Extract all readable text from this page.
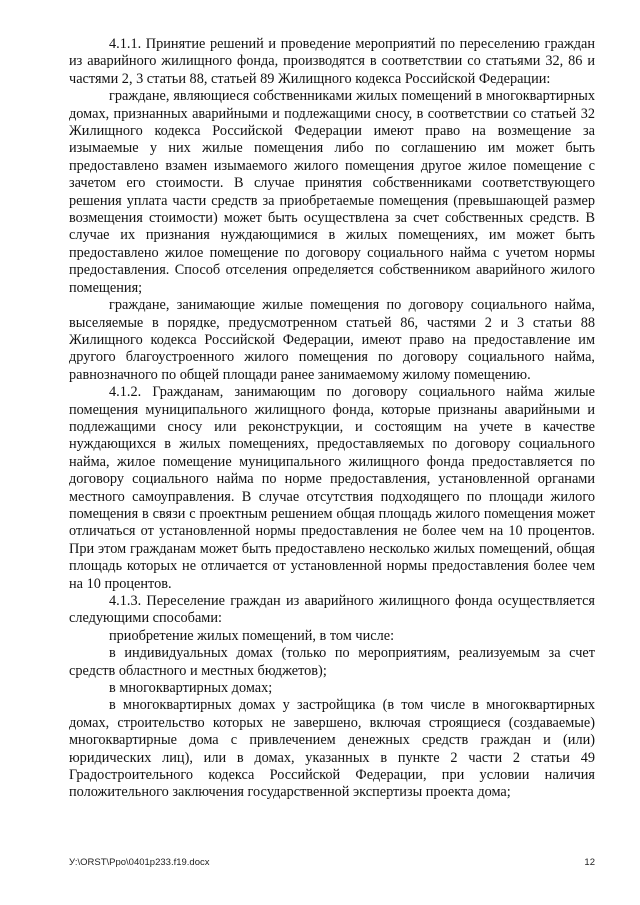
4.1.1. Принятие решений и проведение мероприятий по переселению граждан из аварийного жилищного фонда, производятся в соответствии со статьями 32, 86 и частями 2, 3 статьи 88, статьей 89 Жилищного кодекса Российской Федерации:

граждане, являющиеся собственниками жилых помещений в многоквартирных домах, признанных аварийными и подлежащими сносу, в соответствии со статьей 32 Жилищного кодекса Российской Федерации имеют право на возмещение за изымаемые у них жилые помещения либо по соглашению им может быть предоставлено взамен изымаемого жилого помещения другое жилое помещение с зачетом его стоимости. В случае принятия собственниками соответствующего решения уплата части средств за приобретаемые помещения (превышающей размер возмещения стоимости) может быть осуществлена за счет собственных средств. В случае их признания нуждающимися в жилых помещениях, им может быть предоставлено жилое помещение по договору социального найма с учетом нормы предоставления. Способ отселения определяется собственником аварийного жилого помещения;

граждане, занимающие жилые помещения по договору социального найма, выселяемые в порядке, предусмотренном статьей 86, частями 2 и 3 статьи 88 Жилищного кодекса Российской Федерации, имеют право на предоставление им другого благоустроенного жилого помещения по договору социального найма, равнозначного по общей площади ранее занимаемому жилому помещению.

4.1.2. Гражданам, занимающим по договору социального найма жилые помещения муниципального жилищного фонда, которые признаны аварийными и подлежащими сносу или реконструкции, и состоящим на учете в качестве нуждающихся в жилых помещениях, предоставляемых по договору социального найма, жилое помещение муниципального жилищного фонда предоставляется по договору социального найма по норме предоставления, установленной органами местного самоуправления. В случае отсутствия подходящего по площади жилого помещения в связи с проектным решением общая площадь жилого помещения может отличаться от установленной нормы предоставления не более чем на 10 процентов. При этом гражданам может быть предоставлено несколько жилых помещений, общая площадь которых не отличается от установленной нормы предоставления более чем на 10 процентов.

4.1.3. Переселение граждан из аварийного жилищного фонда осуществляется следующими способами:

приобретение жилых помещений, в том числе:

в индивидуальных домах (только по мероприятиям, реализуемым за счет средств областного и местных бюджетов);

в многоквартирных домах;

в многоквартирных домах у застройщика (в том числе в многоквартирных домах, строительство которых не завершено, включая строящиеся (создаваемые) многоквартирные дома с привлечением денежных средств граждан и (или) юридических лиц), или в домах, указанных в пункте 2 части 2 статьи 49 Градостроительного кодекса Российской Федерации, при условии наличия положительного заключения государственной экспертизы проекта дома;

У:\ORST\Ppo\0401p233.f19.docx	12
